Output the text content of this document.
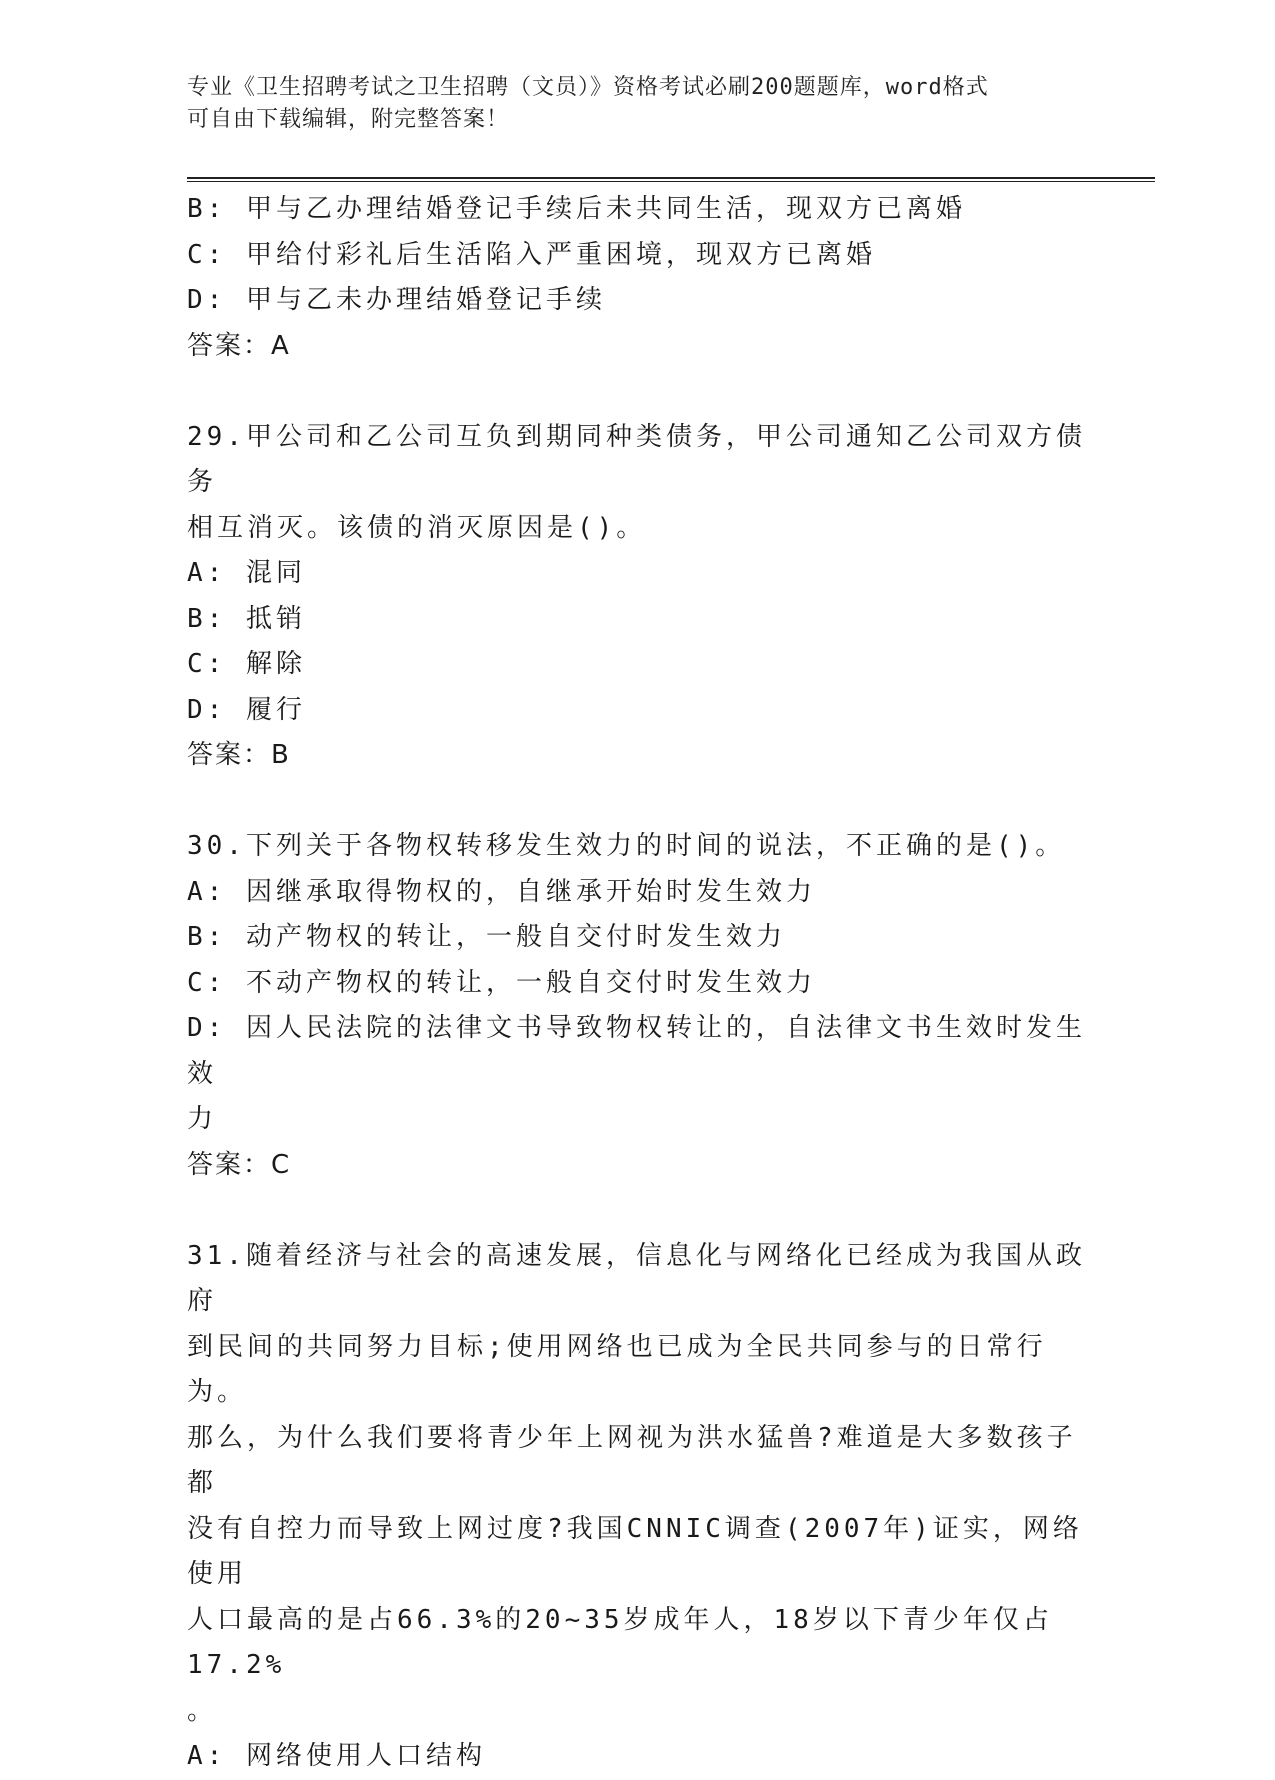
专业《卫生招聘考试之卫生招聘（文员）》资格考试必刷200题题库，word格式
可自由下载编辑，附完整答案！
B: 甲与乙办理结婚登记手续后未共同生活，现双方已离婚
C: 甲给付彩礼后生活陷入严重困境，现双方已离婚
D: 甲与乙未办理结婚登记手续
答案：A
29.甲公司和乙公司互负到期同种类债务，甲公司通知乙公司双方债务
相互消灭。该债的消灭原因是()。
A: 混同
B: 抵销
C: 解除
D: 履行
答案：B
30.下列关于各物权转移发生效力的时间的说法，不正确的是()。
A: 因继承取得物权的，自继承开始时发生效力
B: 动产物权的转让，一般自交付时发生效力
C: 不动产物权的转让，一般自交付时发生效力
D: 因人民法院的法律文书导致物权转让的，自法律文书生效时发生效
力
答案：C
31.随着经济与社会的高速发展，信息化与网络化已经成为我国从政府
到民间的共同努力目标;使用网络也已成为全民共同参与的日常行为。
那么，为什么我们要将青少年上网视为洪水猛兽?难道是大多数孩子都
没有自控力而导致上网过度?我国CNNIC调查(2007年)证实，网络使用
人口最高的是占66.3%的20~35岁成年人，18岁以下青少年仅占17.2%
。
A: 网络使用人口结构
